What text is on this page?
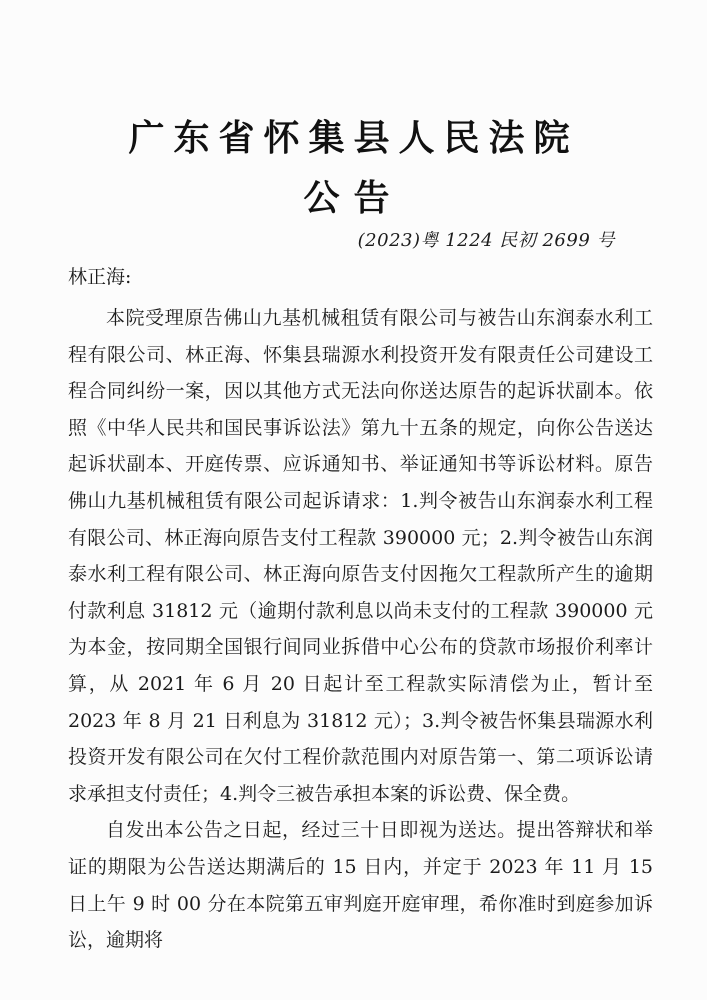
广东省怀集县人民法院
公告
(2023)粤 1224 民初 2699 号
林正海:

本院受理原告佛山九基机械租赁有限公司与被告山东润泰水利工程有限公司、林正海、怀集县瑞源水利投资开发有限责任公司建设工程合同纠纷一案，因以其他方式无法向你送达原告的起诉状副本。依照《中华人民共和国民事诉讼法》第九十五条的规定，向你公告送达起诉状副本、开庭传票、应诉通知书、举证通知书等诉讼材料。原告佛山九基机械租赁有限公司起诉请求：1.判令被告山东润泰水利工程有限公司、林正海向原告支付工程款 390000 元；2.判令被告山东润泰水利工程有限公司、林正海向原告支付因拖欠工程款所产生的逾期付款利息 31812 元（逾期付款利息以尚未支付的工程款 390000 元为本金，按同期全国银行间同业拆借中心公布的贷款市场报价利率计算，从 2021 年 6 月 20 日起计至工程款实际清偿为止，暂计至 2023 年 8 月 21 日利息为 31812 元）；3.判令被告怀集县瑞源水利投资开发有限公司在欠付工程价款范围内对原告第一、第二项诉讼请求承担支付责任；4.判令三被告承担本案的诉讼费、保全费。

自发出本公告之日起，经过三十日即视为送达。提出答辩状和举证的期限为公告送达期满后的 15 日内，并定于 2023 年 11 月 15 日上午 9 时 00 分在本院第五审判庭开庭审理，希你准时到庭参加诉讼，逾期将
